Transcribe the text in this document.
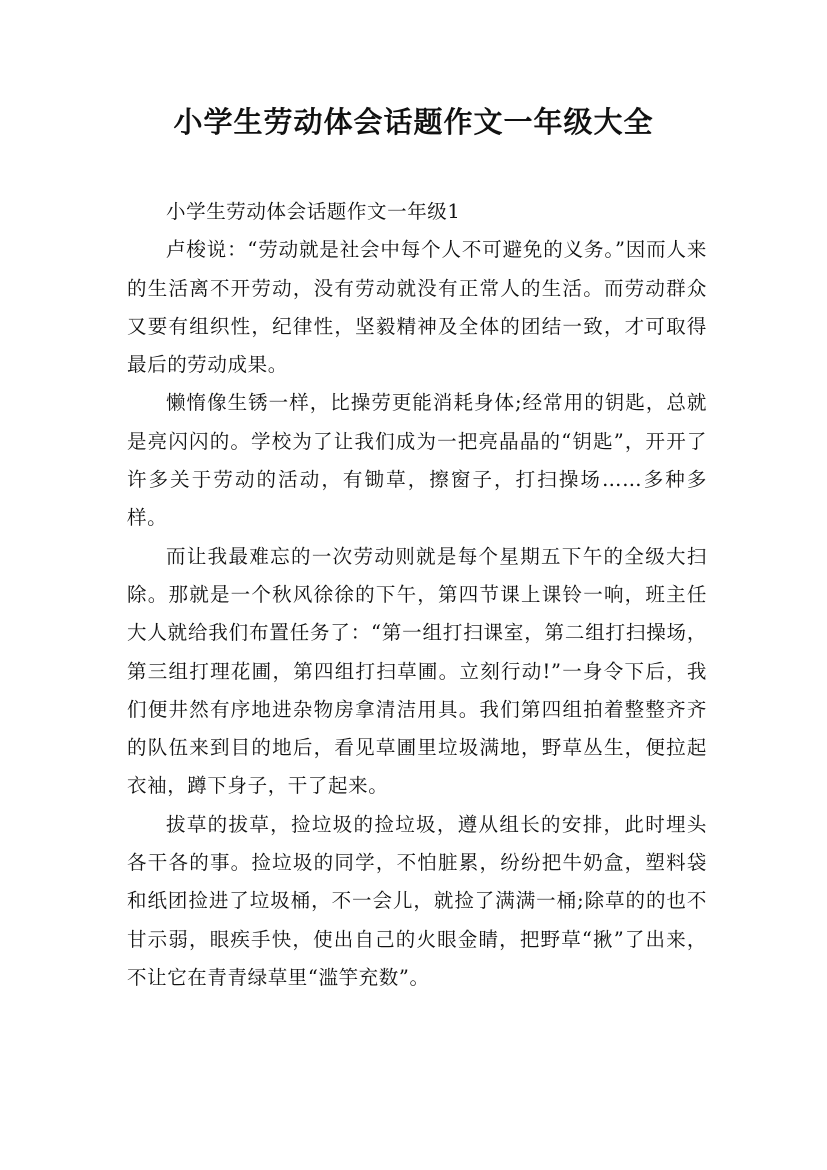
小学生劳动体会话题作文一年级大全

小学生劳动体会话题作文一年级1

卢梭说：“劳动就是社会中每个人不可避免的义务。”因而人来的生活离不开劳动，没有劳动就没有正常人的生活。而劳动群众又要有组织性，纪律性，坚毅精神及全体的团结一致，才可取得最后的劳动成果。

懒惰像生锈一样，比操劳更能消耗身体;经常用的钥匙，总就是亮闪闪的。学校为了让我们成为一把亮晶晶的“钥匙”，开开了许多关于劳动的活动，有锄草，擦窗子，打扫操场……多种多样。

而让我最难忘的一次劳动则就是每个星期五下午的全级大扫除。那就是一个秋风徐徐的下午，第四节课上课铃一响，班主任大人就给我们布置任务了：“第一组打扫课室，第二组打扫操场，第三组打理花圃，第四组打扫草圃。立刻行动!”一身令下后，我们便井然有序地进杂物房拿清洁用具。我们第四组拍着整整齐齐的队伍来到目的地后，看见草圃里垃圾满地，野草丛生，便拉起衣袖，蹲下身子，干了起来。

拔草的拔草，捡垃圾的捡垃圾，遵从组长的安排，此时埋头各干各的事。捡垃圾的同学，不怕脏累，纷纷把牛奶盒，塑料袋和纸团捡进了垃圾桶，不一会儿，就捡了满满一桶;除草的的也不甘示弱，眼疾手快，使出自己的火眼金睛，把野草“揪”了出来，不让它在青青绿草里“滥竽充数”。
